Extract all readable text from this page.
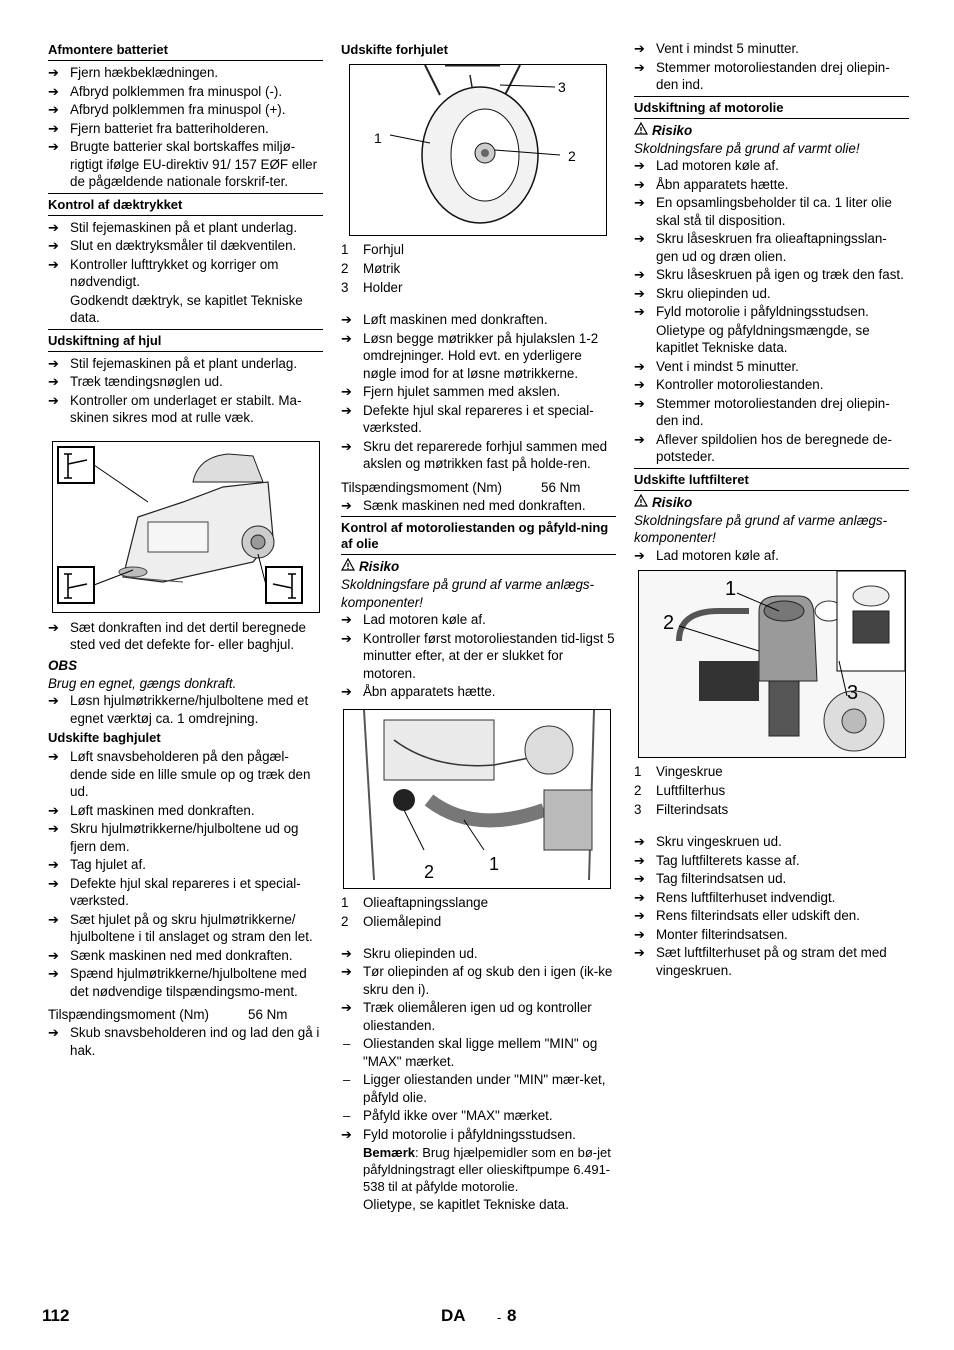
Afmontere batteriet
➔ Fjern hækbeklædningen.
➔ Afbryd polklemmen fra minuspol (-).
➔ Afbryd polklemmen fra minuspol (+).
➔ Fjern batteriet fra batteriholderen.
➔ Brugte batterier skal bortskaffes miljø-rigtigt ifølge EU-direktiv 91/ 157 EØF eller de pågældende nationale forskrif-ter.
Kontrol af dæktrykket
➔ Stil fejemaskinen på et plant underlag.
➔ Slut en dæktryksmåler til dækventilen.
➔ Kontroller lufttrykket og korriger om nødvendigt.
Godkendt dæktryk, se kapitlet Tekniske data.
Udskiftning af hjul
➔ Stil fejemaskinen på et plant underlag.
➔ Træk tændingsnøglen ud.
➔ Kontroller om underlaget er stabilt. Ma-skinen sikres mod at rulle væk.
➔ Sæt donkraften ind det dertil beregnede sted ved det defekte for- eller baghjul.
OBS
Brug en egnet, gængs donkraft.
➔ Løsn hjulmøtrikkerne/hjulboltene med et egnet værktøj ca. 1 omdrejning.
Udskifte baghjulet
➔ Løft snavsbeholderen på den pågæl-dende side en lille smule op og træk den ud.
➔ Løft maskinen med donkraften.
➔ Skru hjulmøtrikkerne/hjulboltene ud og fjern dem.
➔ Tag hjulet af.
➔ Defekte hjul skal repareres i et special-værksted.
➔ Sæt hjulet på og skru hjulmøtrikkerne/ hjulboltene i til anslaget og stram den let.
➔ Sænk maskinen ned med donkraften.
➔ Spænd hjulmøtrikkerne/hjulboltene med det nødvendige tilspændingsmo-ment.
Tilspændingsmoment (Nm)	56 Nm
➔ Skub snavsbeholderen ind og lad den gå i hak.
Udskifte forhjulet
1
2
3
1	Forhjul
2	Møtrik
3	Holder
➔ Løft maskinen med donkraften.
➔ Løsn begge møtrikker på hjulakslen 1-2 omdrejninger. Hold evt. en yderligere nøgle imod for at løsne møtrikkerne.
➔ Fjern hjulet sammen med akslen.
➔ Defekte hjul skal repareres i et special-værksted.
➔ Skru det reparerede forhjul sammen med akslen og møtrikken fast på holde-ren.
Tilspændingsmoment (Nm)	56 Nm
➔ Sænk maskinen ned med donkraften.
Kontrol af motoroliestanden og påfyld-ning af olie
Risiko
Skoldningsfare på grund af varme anlægs-komponenter!
➔ Lad motoren køle af.
➔ Kontroller først motoroliestanden tid-ligst 5 minutter efter, at der er slukket for motoren.
➔ Åbn apparatets hætte.
2	1
1	Olieaftapningsslange
2	Oliemålepind
➔ Skru oliepinden ud.
➔ Tør oliepinden af og skub den i igen (ik-ke skru den i).
➔ Træk oliemåleren igen ud og kontroller oliestanden.
– Oliestanden skal ligge mellem "MIN" og "MAX" mærket.
– Ligger oliestanden under "MIN" mær-ket, påfyld olie.
– Påfyld ikke over "MAX" mærket.
➔ Fyld motorolie i påfyldningsstudsen.
Bemærk: Brug hjælpemidler som en bø-jet påfyldningstragt eller olieskiftpumpe 6.491-538 til at påfylde motorolie.
Olietype, se kapitlet Tekniske data.
➔ Vent i mindst 5 minutter.
➔ Stemmer motoroliestanden drej oliepin-den ind.
Udskiftning af motorolie
Risiko
Skoldningsfare på grund af varmt olie!
➔ Lad motoren køle af.
➔ Åbn apparatets hætte.
➔ En opsamlingsbeholder til ca. 1 liter olie skal stå til disposition.
➔ Skru låseskruen fra olieaftapningsslan-gen ud og dræn olien.
➔ Skru låseskruen på igen og træk den fast.
➔ Skru oliepinden ud.
➔ Fyld motorolie i påfyldningsstudsen.
Olietype og påfyldningsmængde, se kapitlet Tekniske data.
➔ Vent i mindst 5 minutter.
➔ Kontroller motoroliestanden.
➔ Stemmer motoroliestanden drej oliepin-den ind.
➔ Aflever spildolien hos de beregnede de-potsteder.
Udskifte luftfilteret
Risiko
Skoldningsfare på grund af varme anlægs-komponenter!
➔ Lad motoren køle af.
1
2
3
1	Vingeskrue
2	Luftfilterhus
3	Filterindsats
➔ Skru vingeskruen ud.
➔ Tag luftfilterets kasse af.
➔ Tag filterindsatsen ud.
➔ Rens luftfilterhuset indvendigt.
➔ Rens filterindsats eller udskift den.
➔ Monter filterindsatsen.
➔ Sæt luftfilterhuset på og stram det med vingeskruen.
112	DA - 8
